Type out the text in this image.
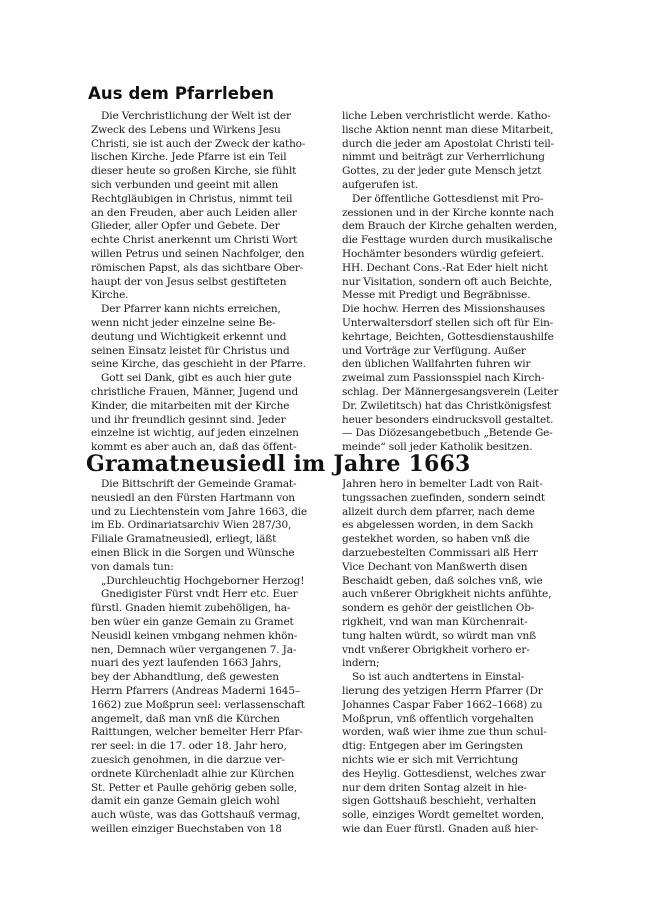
Aus dem Pfarrleben
Die Verchristlichung der Welt ist der
Zweck des Lebens und Wirkens Jesu
Christi, sie ist auch der Zweck der katho-
lischen Kirche. Jede Pfarre ist ein Teil
dieser heute so großen Kirche, sie fühlt
sich verbunden und geeint mit allen
Rechtgläubigen in Christus, nimmt teil
an den Freuden, aber auch Leiden aller
Glieder, aller Opfer und Gebete. Der
echte Christ anerkennt um Christi Wort
willen Petrus und seinen Nachfolger, den
römischen Papst, als das sichtbare Ober-
haupt der von Jesus selbst gestifteten
Kirche.
Der Pfarrer kann nichts erreichen,
wenn nicht jeder einzelne seine Be-
deutung und Wichtigkeit erkennt und
seinen Einsatz leistet für Christus und
seine Kirche, das geschieht in der Pfarre.
Gott sei Dank, gibt es auch hier gute
christliche Frauen, Männer, Jugend und
Kinder, die mitarbeiten mit der Kirche
und ihr freundlich gesinnt sind. Jeder
einzelne ist wichtig, auf jeden einzelnen
kommt es aber auch an, daß das öffent-
liche Leben verchristlicht werde. Katho-
lische Aktion nennt man diese Mitarbeit,
durch die jeder am Apostolat Christi teil-
nimmt und beiträgt zur Verherrlichung
Gottes, zu der jeder gute Mensch jetzt
aufgerufen ist.
Der öffentliche Gottesdienst mit Pro-
zessionen und in der Kirche konnte nach
dem Brauch der Kirche gehalten werden,
die Festtage wurden durch musikalische
Hochämter besonders würdig gefeiert.
HH. Dechant Cons.-Rat Eder hielt nicht
nur Visitation, sondern oft auch Beichte,
Messe mit Predigt und Begräbnisse.
Die hochw. Herren des Missionshauses
Unterwaltersdorf stellen sich oft für Ein-
kehrtage, Beichten, Gottesdienstaushilfe
und Vorträge zur Verfügung. Außer
den üblichen Wallfahrten fuhren wir
zweimal zum Passionsspiel nach Kirch-
schlag. Der Männergesangsverein (Leiter
Dr. Zwiletitsch) hat das Christkönigsfest
heuer besonders eindrucksvoll gestaltet.
— Das Diözesangebetbuch „Betende Ge-
meinde“ soll jeder Katholik besitzen.
Gramatneusiedl im Jahre 1663
Die Bittschrift der Gemeinde Gramat-
neusiedl an den Fürsten Hartmann von
und zu Liechtenstein vom Jahre 1663, die
im Eb. Ordinariatsarchiv Wien 287/30,
Filiale Gramatneusiedl, erliegt, läßt
einen Blick in die Sorgen und Wünsche
von damals tun:
„Durchleuchtig Hochgeborner Herzog!
Gnedigister Fürst vndt Herr etc. Euer
fürstl. Gnaden hiemit zubehöligen, ha-
ben wüer ein ganze Gemain zu Gramet
Neusidl keinen vmbgang nehmen khön-
nen, Demnach wüer vergangenen 7. Ja-
nuari des yezt laufenden 1663 Jahrs,
bey der Abhandtlung, deß gewesten
Herrn Pfarrers (Andreas Maderni 1645–
1662) zue Moßprun seel: verlassenschaft
angemelt, daß man vnß die Kürchen
Raittungen, welcher bemelter Herr Pfar-
rer seel: in die 17. oder 18. Jahr hero,
zuesich genohmen, in die darzue ver-
ordnete Kürchenladt alhie zur Kürchen
St. Petter et Paulle gehörig geben solle,
damit ein ganze Gemain gleich wohl
auch wüste, was das Gottshauß vermag,
weillen einziger Buechstaben von 18
Jahren hero in bemelter Ladt von Rait-
tungssachen zuefinden, sondern seindt
allzeit durch dem pfarrer, nach deme
es abgelessen worden, in dem Sackh
gestekhet worden, so haben vnß die
darzuebestelten Commissari alß Herr
Vice Dechant von Manßwerth disen
Beschaidt geben, daß solches vnß, wie
auch vnßerer Obrigkheit nichts anfühte,
sondern es gehör der geistlichen Ob-
rigkheit, vnd wan man Kürchenrait-
tung halten würdt, so würdt man vnß
vndt vnßerer Obrigkheit vorhero er-
indern;
So ist auch andtertens in Einstal-
lierung des yetzigen Herrn Pfarrer (Dr
Johannes Caspar Faber 1662–1668) zu
Moßprun, vnß offentlich vorgehalten
worden, waß wier ihme zue thun schul-
dtig: Entgegen aber im Geringsten
nichts wie er sich mit Verrichtung
des Heylig. Gottesdienst, welches zwar
nur dem driten Sontag alzeit in hie-
sigen Gottshauß beschieht, verhalten
solle, einziges Wordt gemeltet worden,
wie dan Euer fürstl. Gnaden auß hier-
